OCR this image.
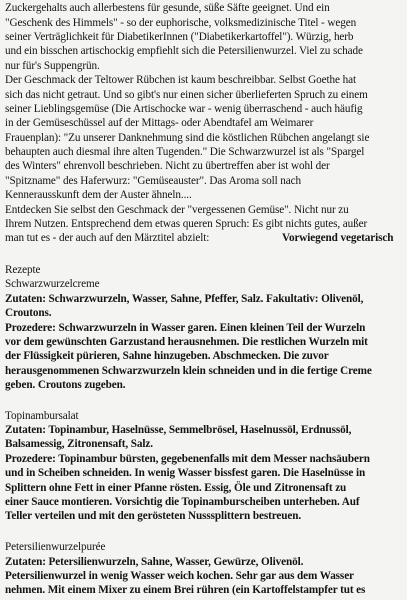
Zuckergehalts auch allerbestens für gesunde, süße Säfte geeignet. Und ein
"Geschenk des Himmels" - so der euphorische, volksmedizinische Titel - wegen
seiner Verträglichkeit für DiabetikerInnen ("Diabetikerkartoffel"). Würzig, herb
und ein bisschen artischockig empfiehlt sich die Petersilienwurzel. Viel zu schade
nur für's Suppengrün.
Der Geschmack der Teltower Rübchen ist kaum beschreibbar. Selbst Goethe hat
sich das nicht getraut. Und so gibt's nur einen sicher überlieferten Spruch zu einem
seiner Lieblingsgemüse (Die Artischocke war - wenig überraschend - auch häufig
in der Gemüseschüssel auf der Mittags- oder Abendtafel am Weimarer
Frauenplan): "Zu unserer Danknehmung sind die köstlichen Rübchen angelangt sie
behaupten auch diesmal ihre alten Tugenden." Die Schwarzwurzel ist als "Spargel
des Winters" ehrenvoll beschrieben. Nicht zu übertreffen aber ist wohl der
"Spitzname" des Haferwurz: "Gemüseauster". Das Aroma soll nach
Kennerausskunft dem der Auster ähneln....
Entdecken Sie selbst den Geschmack der "vergessenen Gemüse". Nicht nur zu
Ihrem Nutzen. Entsprechend dem etwas queren Spruch: Es gibt nichts gutes, außer
man tut es - der auch auf den Märztitel abzielt:	Vorwiegend vegetarisch
Rezepte
Schwarzwurzelcreme
Zutaten: Schwarzwurzeln, Wasser, Sahne, Pfeffer, Salz. Fakultativ: Olivenöl,
Croutons.
Prozedere: Schwarzwurzeln in Wasser garen. Einen kleinen Teil der Wurzeln
vor dem gewünschten Garzustand herausnehmen. Die restlichen Wurzeln mit
der Flüssigkeit pürieren, Sahne hinzugeben. Abschmecken. Die zuvor
herausgenommenen Schwarzwurzeln klein schneiden und in die fertige Creme
geben. Croutons zugeben.
Topinambursalat
Zutaten: Topinambur, Haselnüsse, Semmelbrösel, Haselnussöl, Erdnussöl,
Balsamessig, Zitronensaft, Salz.
Prozedere: Topinambur bürsten, gegebenenfalls mit dem Messer nachsäubern
und in Scheiben schneiden. In wenig Wasser bissfest garen. Die Haselnüsse in
Splittern ohne Fett in einer Pfanne rösten. Essig, Öle und Zitronensaft zu
einer Sauce montieren. Vorsichtig die Topinamburscheiben unterheben. Auf
Teller verteilen und mit den gerösteten Nusssplittern bestreuen.
Petersilienwurzelpurée
Zutaten: Petersilienwurzeln, Sahne, Wasser, Gewürze, Olivenöl.
Petersilienwurzel in wenig Wasser weich kochen. Sehr gar aus dem Wasser
nehmen. Mit einem Mixer zu einem Brei rühren (ein Kartoffelstampfer tut es
